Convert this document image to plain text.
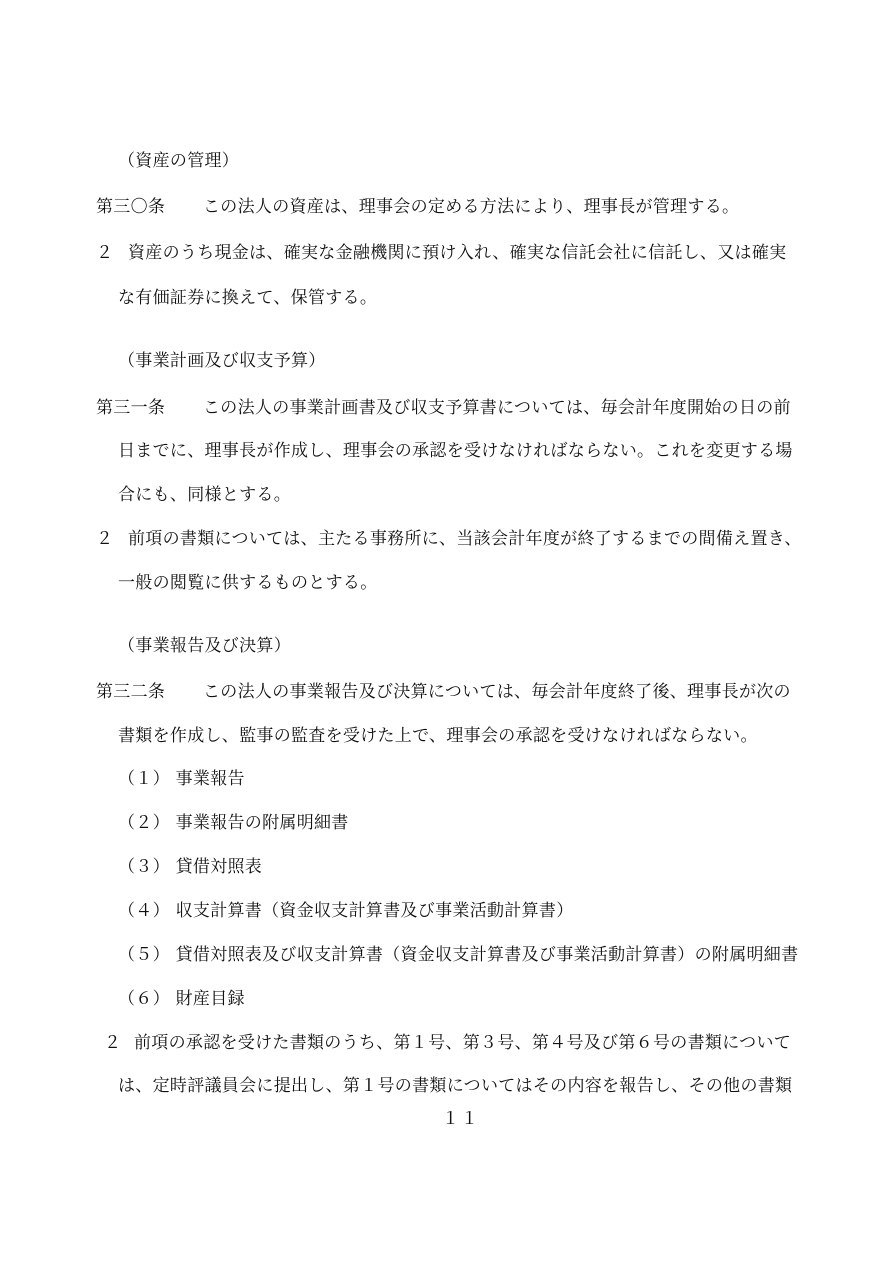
（資産の管理）
第三〇条 この法人の資産は、理事会の定める方法により、理事長が管理する。
２ 資産のうち現金は、確実な金融機関に預け入れ、確実な信託会社に信託し、又は確実
な有価証券に換えて、保管する。
（事業計画及び収支予算）
第三一条 この法人の事業計画書及び収支予算書については、毎会計年度開始の日の前
日までに、理事長が作成し、理事会の承認を受けなければならない。これを変更する場
合にも、同様とする。
２ 前項の書類については、主たる事務所に、当該会計年度が終了するまでの間備え置き、
一般の閲覧に供するものとする。
（事業報告及び決算）
第三二条 この法人の事業報告及び決算については、毎会計年度終了後、理事長が次の
書類を作成し、監事の監査を受けた上で、理事会の承認を受けなければならない。
（１） 事業報告
（２） 事業報告の附属明細書
（３） 貸借対照表
（４） 収支計算書（資金収支計算書及び事業活動計算書）
（５） 貸借対照表及び収支計算書（資金収支計算書及び事業活動計算書）の附属明細書
（６） 財産目録
２ 前項の承認を受けた書類のうち、第１号、第３号、第４号及び第６号の書類について
は、定時評議員会に提出し、第１号の書類についてはその内容を報告し、その他の書類
１１
